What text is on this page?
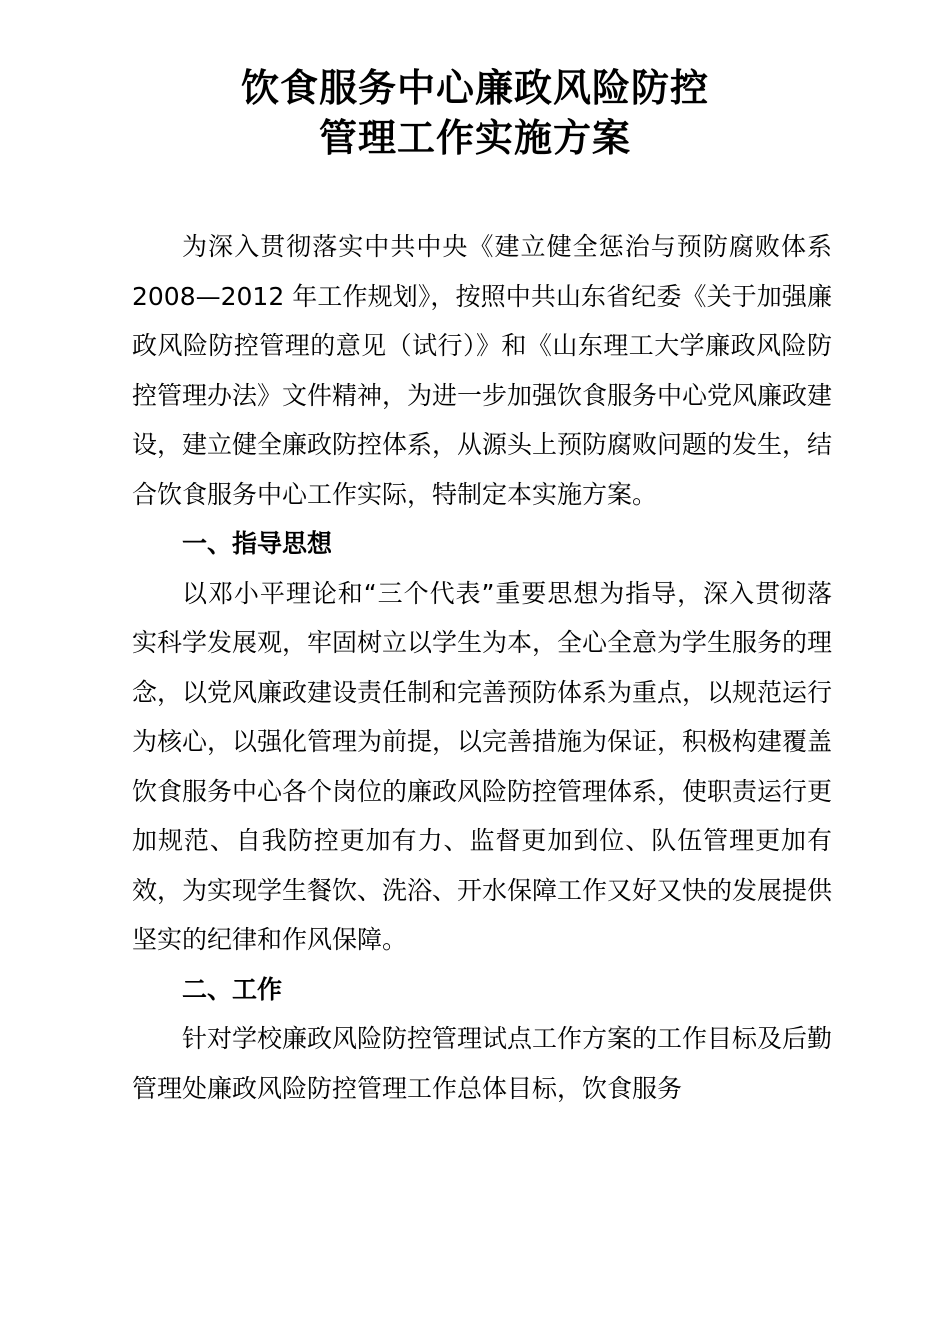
饮食服务中心廉政风险防控
管理工作实施方案

为深入贯彻落实中共中央《建立健全惩治与预防腐败体系 2008—2012 年工作规划》，按照中共山东省纪委《关于加强廉政风险防控管理的意见（试行）》和《山东理工大学廉政风险防控管理办法》文件精神，为进一步加强饮食服务中心党风廉政建设，建立健全廉政防控体系，从源头上预防腐败问题的发生，结合饮食服务中心工作实际，特制定本实施方案。

一、指导思想

以邓小平理论和“三个代表”重要思想为指导，深入贯彻落实科学发展观，牢固树立以学生为本，全心全意为学生服务的理念，以党风廉政建设责任制和完善预防体系为重点，以规范运行为核心，以强化管理为前提，以完善措施为保证，积极构建覆盖饮食服务中心各个岗位的廉政风险防控管理体系，使职责运行更加规范、自我防控更加有力、监督更加到位、队伍管理更加有效，为实现学生餐饮、洗浴、开水保障工作又好又快的发展提供坚实的纪律和作风保障。

二、工作

针对学校廉政风险防控管理试点工作方案的工作目标及后勤管理处廉政风险防控管理工作总体目标，饮食服务
